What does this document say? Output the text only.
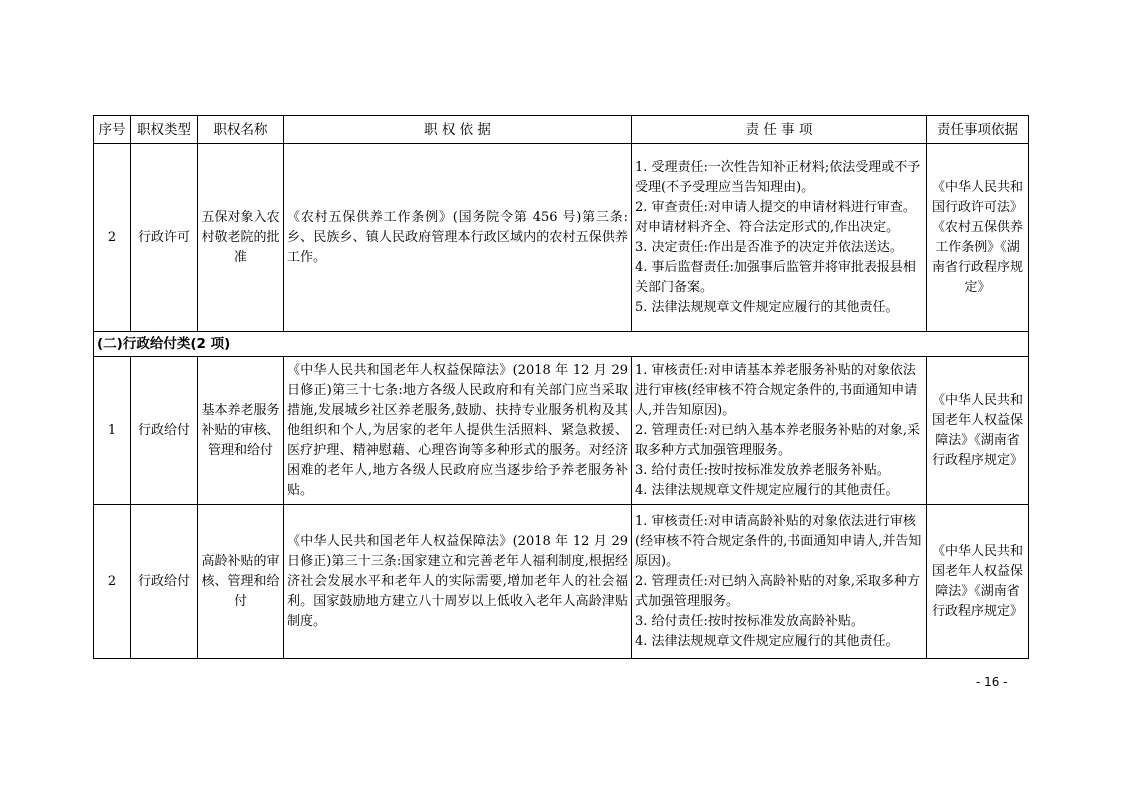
序号	职权类型	职权名称	职 权 依 据	责 任 事 项	责任事项依据
2	行政许可	五保对象入农村敬老院的批准	《农村五保供养工作条例》(国务院令第 456 号)第三条:乡、民族乡、镇人民政府管理本行政区域内的农村五保供养工作。	1. 受理责任:一次性告知补正材料;依法受理或不予受理(不予受理应当告知理由)。
2. 审查责任:对申请人提交的申请材料进行审查。对申请材料齐全、符合法定形式的,作出决定。
3. 决定责任:作出是否准予的决定并依法送达。
4. 事后监督责任:加强事后监管并将审批表报县相关部门备案。
5. 法律法规规章文件规定应履行的其他责任。	《中华人民共和国行政许可法》《农村五保供养工作条例》《湖南省行政程序规定》
(二)行政给付类(2 项)					
1	行政给付	基本养老服务补贴的审核、管理和给付	《中华人民共和国老年人权益保障法》(2018 年 12 月 29 日修正)第三十七条:地方各级人民政府和有关部门应当采取措施,发展城乡社区养老服务,鼓励、扶持专业服务机构及其他组织和个人,为居家的老年人提供生活照料、紧急救援、医疗护理、精神慰藉、心理咨询等多种形式的服务。对经济困难的老年人,地方各级人民政府应当逐步给予养老服务补贴。	1. 审核责任:对申请基本养老服务补贴的对象依法进行审核(经审核不符合规定条件的,书面通知申请人,并告知原因)。
2. 管理责任:对已纳入基本养老服务补贴的对象,采取多种方式加强管理服务。
3. 给付责任:按时按标准发放养老服务补贴。
4. 法律法规规章文件规定应履行的其他责任。	《中华人民共和国老年人权益保障法》《湖南省行政程序规定》
2	行政给付	高龄补贴的审核、管理和给付	《中华人民共和国老年人权益保障法》(2018 年 12 月 29 日修正)第三十三条:国家建立和完善老年人福利制度,根据经济社会发展水平和老年人的实际需要,增加老年人的社会福利。国家鼓励地方建立八十周岁以上低收入老年人高龄津贴制度。	1. 审核责任:对申请高龄补贴的对象依法进行审核(经审核不符合规定条件的,书面通知申请人,并告知原因)。
2. 管理责任:对已纳入高龄补贴的对象,采取多种方式加强管理服务。
3. 给付责任:按时按标准发放高龄补贴。
4. 法律法规规章文件规定应履行的其他责任。	《中华人民共和国老年人权益保障法》《湖南省行政程序规定》
- 16 -
